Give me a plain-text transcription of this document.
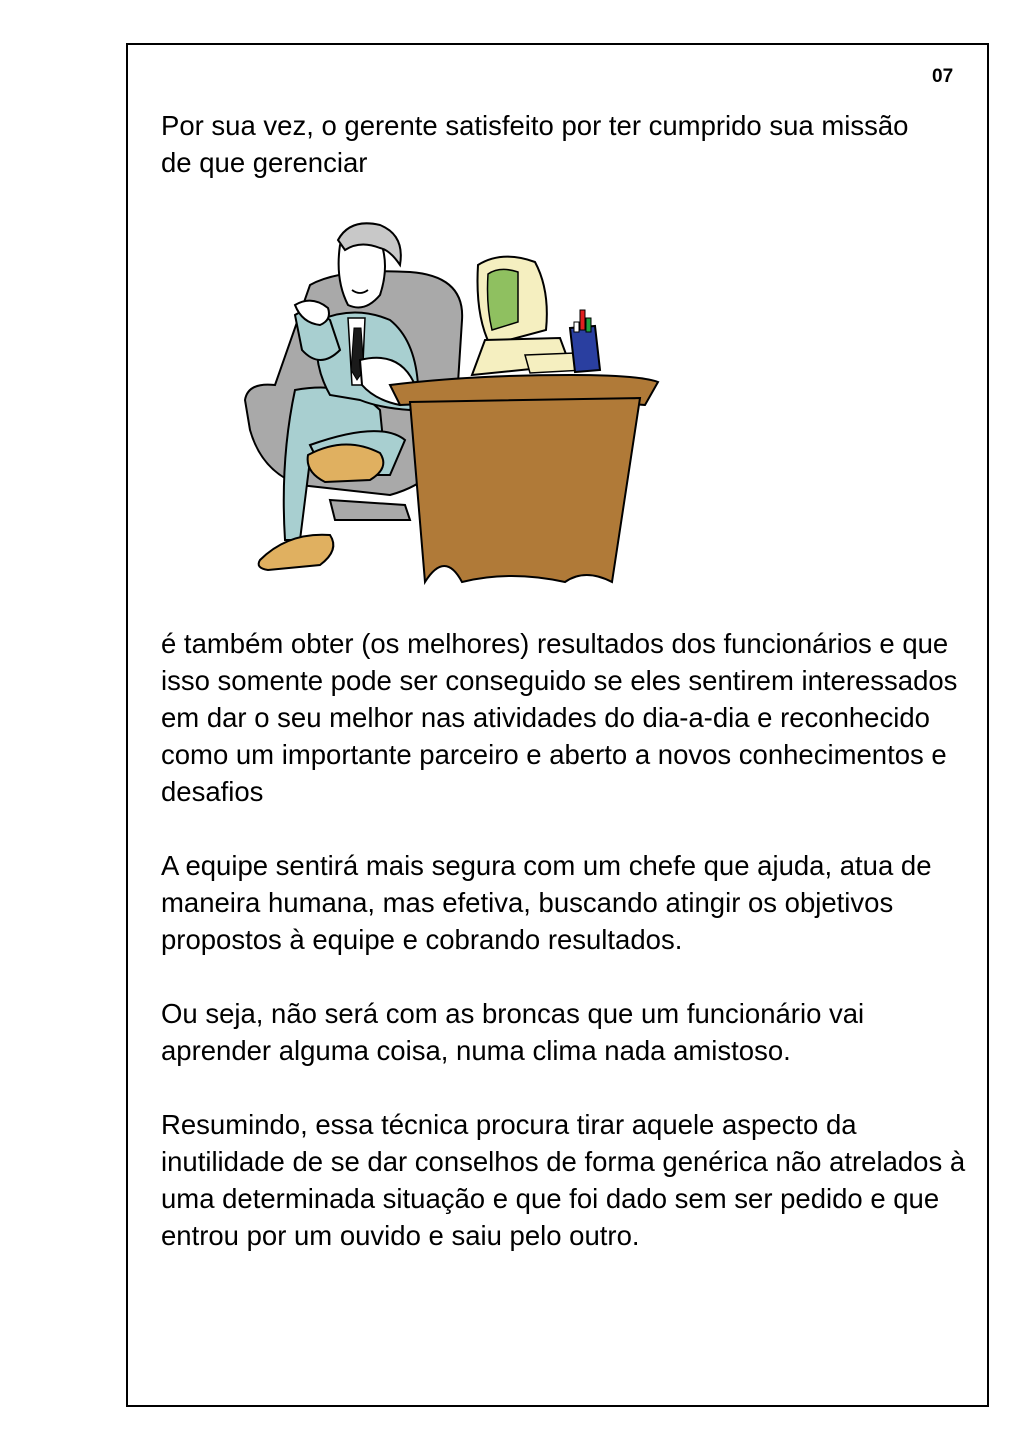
07
Por sua vez, o gerente satisfeito por ter cumprido sua missão de que gerenciar

é também obter (os melhores) resultados dos funcionários e que isso somente pode ser conseguido se eles sentirem interessados em dar o seu melhor nas atividades do dia-a-dia e reconhecido como um importante parceiro e aberto a novos conhecimentos e desafios

A equipe sentirá mais segura com um chefe que ajuda, atua de maneira humana, mas efetiva, buscando atingir os objetivos propostos à equipe e cobrando resultados.

Ou seja, não será com as broncas que um funcionário vai aprender alguma coisa, numa clima nada amistoso.

Resumindo, essa técnica procura tirar aquele aspecto da inutilidade de se dar conselhos de forma genérica não atrelados à uma determinada situação e que foi dado sem ser pedido e que entrou por um ouvido e saiu pelo outro.
